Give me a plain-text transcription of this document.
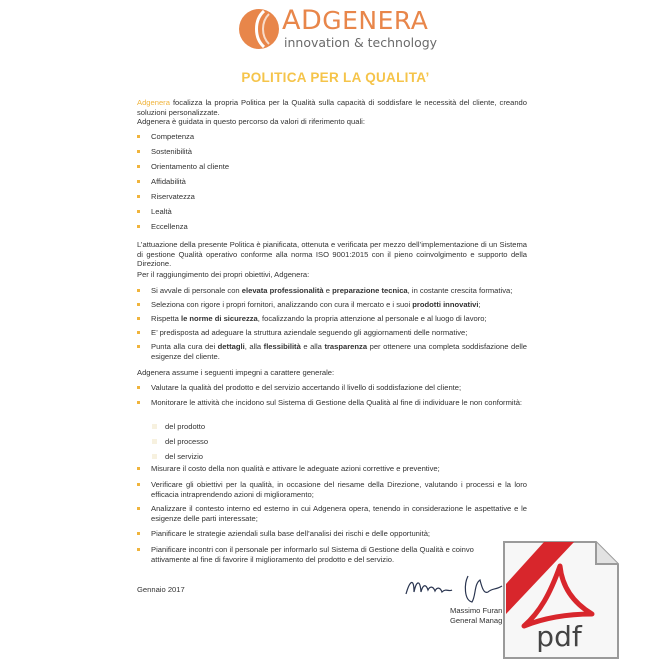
ADGENERA
innovation & technology
POLITICA PER LA QUALITA’
Adgenera focalizza la propria Politica per la Qualità sulla capacità di soddisfare le necessità del cliente, creando soluzioni personalizzate.
Adgenera è guidata in questo percorso da valori di riferimento quali:
Competenza
Sostenibilità
Orientamento al cliente
Affidabilità
Riservatezza
Lealtà
Eccellenza
L’attuazione della presente Politica è pianificata, ottenuta e verificata per mezzo dell’implementazione di un Sistema di gestione Qualità operativo conforme alla norma ISO 9001:2015 con il pieno coinvolgimento e supporto della Direzione.
Per il raggiungimento dei propri obiettivi, Adgenera:
Si avvale di personale con elevata professionalità e preparazione tecnica, in costante crescita formativa;
Seleziona con rigore i propri fornitori, analizzando con cura il mercato e i suoi prodotti innovativi;
Rispetta le norme di sicurezza, focalizzando la propria attenzione al personale e al luogo di lavoro;
E’ predisposta ad adeguare la struttura aziendale seguendo gli aggiornamenti delle normative;
Punta alla cura dei dettagli, alla flessibilità e alla trasparenza per ottenere una completa soddisfazione delle esigenze del cliente.
Adgenera assume i seguenti impegni a carattere generale:
Valutare la qualità del prodotto e del servizio accertando il livello di soddisfazione del cliente;
Monitorare le attività che incidono sul Sistema di Gestione della Qualità al fine di individuare le non conformità:
Misurare il costo della non qualità e attivare le adeguate azioni correttive e preventive;
Verificare gli obiettivi per la qualità, in occasione del riesame della Direzione, valutando i processi e la loro efficacia intraprendendo azioni di miglioramento;
Analizzare il contesto interno ed esterno in cui Adgenera opera, tenendo in considerazione le aspettative e le esigenze delle parti interessate;
Pianificare le strategie aziendali sulla base dell’analisi dei rischi e delle opportunità;
Pianificare incontri con il personale per informarlo sul Sistema di Gestione della Qualità e coinvo
attivamente al fine di favorire il miglioramento del prodotto e del servizio.
del prodotto
del processo
del servizio
Gennaio 2017
Massimo Furan
General Manag	pdf
